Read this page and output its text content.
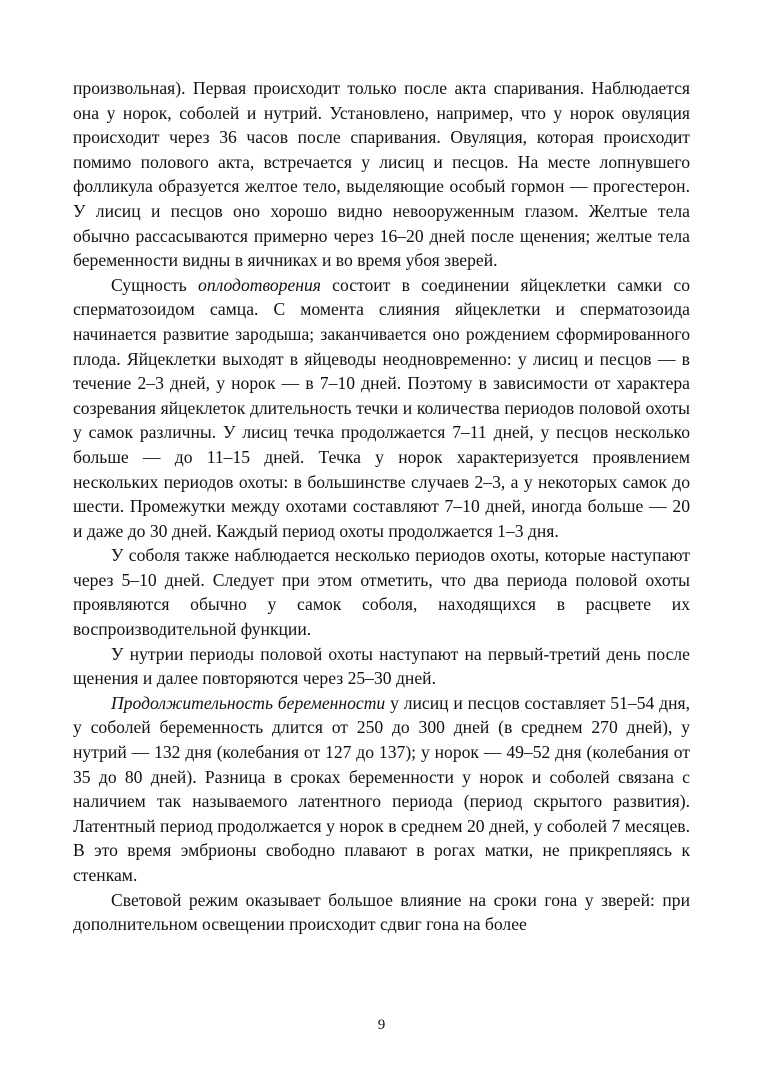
произвольная). Первая происходит только после акта спаривания. Наблюдается она у норок, соболей и нутрий. Установлено, например, что у норок овуляция происходит через 36 часов после спаривания. Овуляция, которая происходит помимо полового акта, встречается у лисиц и песцов. На месте лопнувшего фолликула образуется желтое тело, выделяющие особый гормон — прогестерон. У лисиц и песцов оно хорошо видно невооруженным глазом. Желтые тела обычно рассасываются примерно через 16–20 дней после щенения; желтые тела беременности видны в яичниках и во время убоя зверей.

Сущность оплодотворения состоит в соединении яйцеклетки самки со сперматозоидом самца. С момента слияния яйцеклетки и сперматозоида начинается развитие зародыша; заканчивается оно рождением сформированного плода. Яйцеклетки выходят в яйцеводы неодновременно: у лисиц и песцов — в течение 2–3 дней, у норок — в 7–10 дней. Поэтому в зависимости от характера созревания яйцеклеток длительность течки и количества периодов половой охоты у самок различны. У лисиц течка продолжается 7–11 дней, у песцов несколько больше — до 11–15 дней. Течка у норок характеризуется проявлением нескольких периодов охоты: в большинстве случаев 2–3, а у некоторых самок до шести. Промежутки между охотами составляют 7–10 дней, иногда больше — 20 и даже до 30 дней. Каждый период охоты продолжается 1–3 дня.

У соболя также наблюдается несколько периодов охоты, которые наступают через 5–10 дней. Следует при этом отметить, что два периода половой охоты проявляются обычно у самок соболя, находящихся в расцвете их воспроизводительной функции.

У нутрии периоды половой охоты наступают на первый-третий день после щенения и далее повторяются через 25–30 дней.

Продолжительность беременности у лисиц и песцов составляет 51–54 дня, у соболей беременность длится от 250 до 300 дней (в среднем 270 дней), у нутрий — 132 дня (колебания от 127 до 137); у норок — 49–52 дня (колебания от 35 до 80 дней). Разница в сроках беременности у норок и соболей связана с наличием так называемого латентного периода (период скрытого развития). Латентный период продолжается у норок в среднем 20 дней, у соболей 7 месяцев. В это время эмбрионы свободно плавают в рогах матки, не прикрепляясь к стенкам.

Световой режим оказывает большое влияние на сроки гона у зверей: при дополнительном освещении происходит сдвиг гона на более

9
